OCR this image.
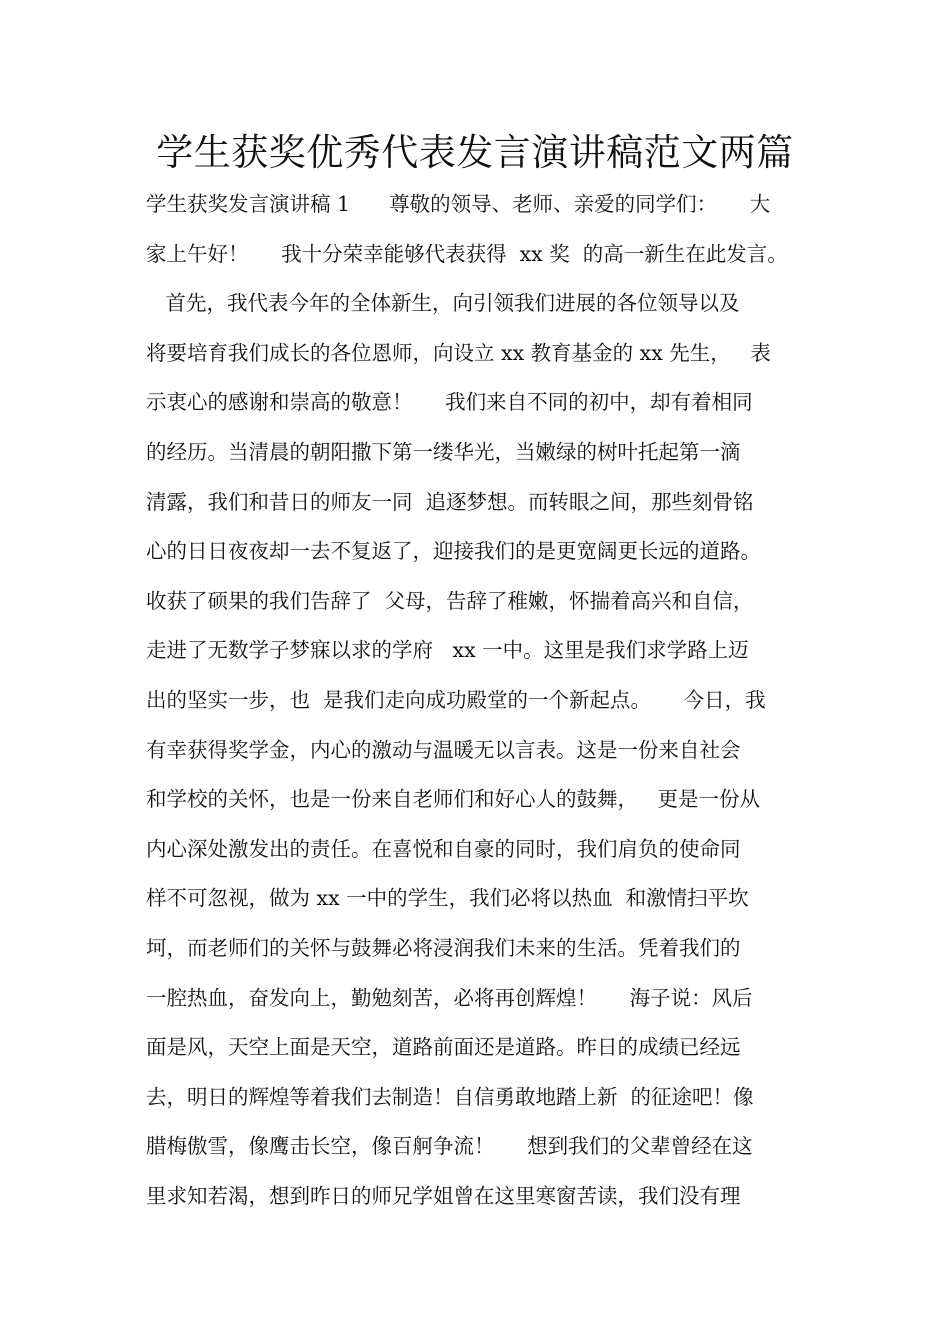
学生获奖优秀代表发言演讲稿范文两篇
学生获奖发言演讲稿 1      尊敬的领导、老师、亲爱的同学们：     大
家上午好！     我十分荣幸能够代表获得  xx 奖  的高一新生在此发言。
首先，我代表今年的全体新生，向引领我们进展的各位领导以及
将要培育我们成长的各位恩师，向设立 xx 教育基金的 xx 先生，   表
示衷心的感谢和崇高的敬意！     我们来自不同的初中，却有着相同
的经历。当清晨的朝阳撒下第一缕华光，当嫩绿的树叶托起第一滴
清露，我们和昔日的师友一同  追逐梦想。而转眼之间，那些刻骨铭
心的日日夜夜却一去不复返了，迎接我们的是更宽阔更长远的道路。
收获了硕果的我们告辞了  父母，告辞了稚嫩，怀揣着高兴和自信，
走进了无数学子梦寐以求的学府   xx 一中。这里是我们求学路上迈
出的坚实一步，也  是我们走向成功殿堂的一个新起点。     今日，我
有幸获得奖学金，内心的激动与温暖无以言表。这是一份来自社会
和学校的关怀，也是一份来自老师们和好心人的鼓舞，   更是一份从
内心深处激发出的责任。在喜悦和自豪的同时，我们肩负的使命同
样不可忽视，做为 xx 一中的学生，我们必将以热血  和激情扫平坎
坷，而老师们的关怀与鼓舞必将浸润我们未来的生活。凭着我们的
一腔热血，奋发向上，勤勉刻苦，必将再创辉煌！     海子说：风后
面是风，天空上面是天空，道路前面还是道路。昨日的成绩已经远
去，明日的辉煌等着我们去制造！自信勇敢地踏上新  的征途吧！像
腊梅傲雪，像鹰击长空，像百舸争流！     想到我们的父辈曾经在这
里求知若渴，想到昨日的师兄学姐曾在这里寒窗苦读，我们没有理
